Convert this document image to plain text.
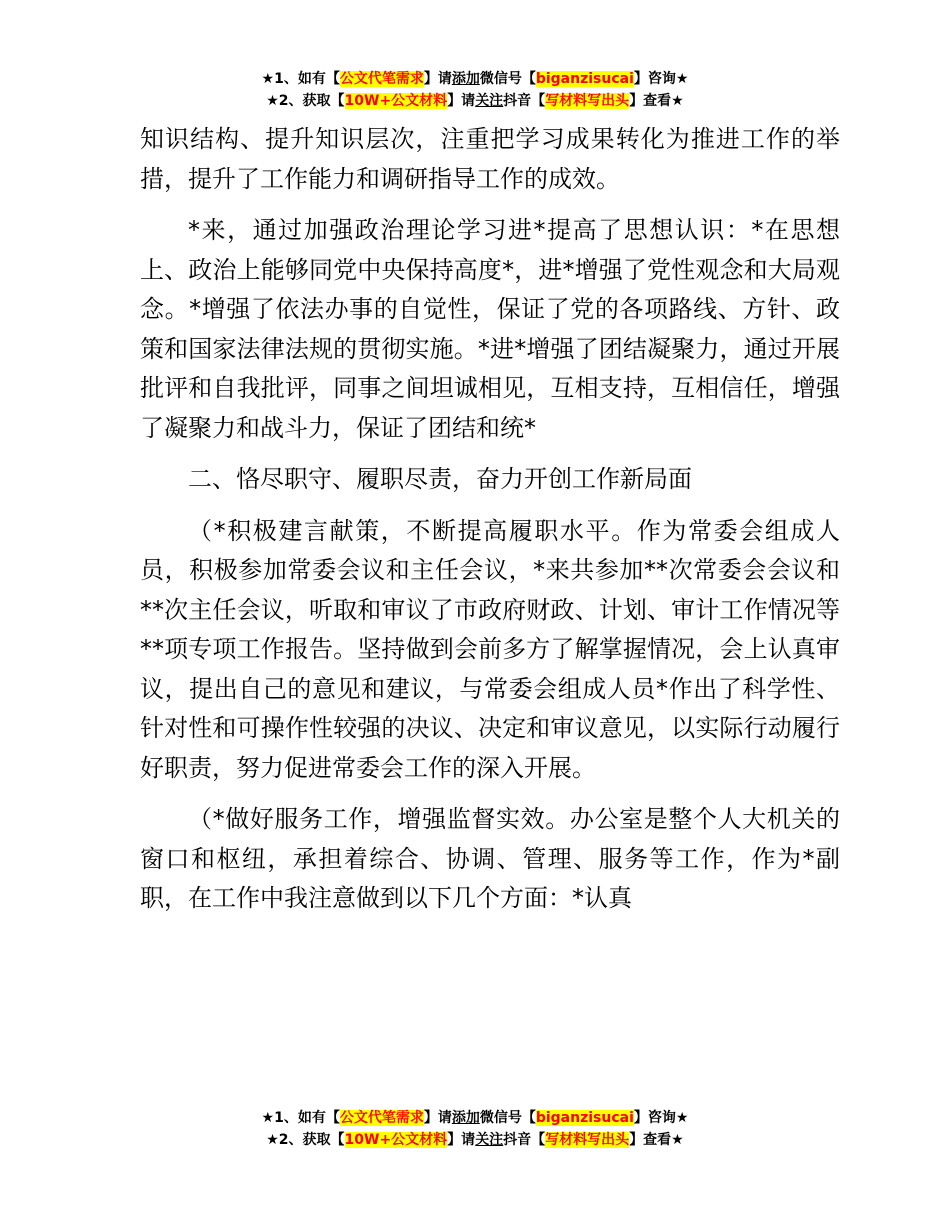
★1、如有【公文代笔需求】请添加微信号【biganzisucai】咨询★
★2、获取【10W+公文材料】请关注抖音【写材料写出头】查看★

知识结构、提升知识层次，注重把学习成果转化为推进工作的举措，提升了工作能力和调研指导工作的成效。

*来，通过加强政治理论学习进*提高了思想认识：*在思想上、政治上能够同党中央保持高度*，进*增强了党性观念和大局观念。*增强了依法办事的自觉性，保证了党的各项路线、方针、政策和国家法律法规的贯彻实施。*进*增强了团结凝聚力，通过开展批评和自我批评，同事之间坦诚相见，互相支持，互相信任，增强了凝聚力和战斗力，保证了团结和统*

二、恪尽职守、履职尽责，奋力开创工作新局面

（*积极建言献策，不断提高履职水平。作为常委会组成人员，积极参加常委会议和主任会议，*来共参加**次常委会会议和**次主任会议，听取和审议了市政府财政、计划、审计工作情况等**项专项工作报告。坚持做到会前多方了解掌握情况，会上认真审议，提出自己的意见和建议，与常委会组成人员*作出了科学性、针对性和可操作性较强的决议、决定和审议意见，以实际行动履行好职责，努力促进常委会工作的深入开展。

（*做好服务工作，增强监督实效。办公室是整个人大机关的窗口和枢纽，承担着综合、协调、管理、服务等工作，作为*副职，在工作中我注意做到以下几个方面：*认真

★1、如有【公文代笔需求】请添加微信号【biganzisucai】咨询★
★2、获取【10W+公文材料】请关注抖音【写材料写出头】查看★
